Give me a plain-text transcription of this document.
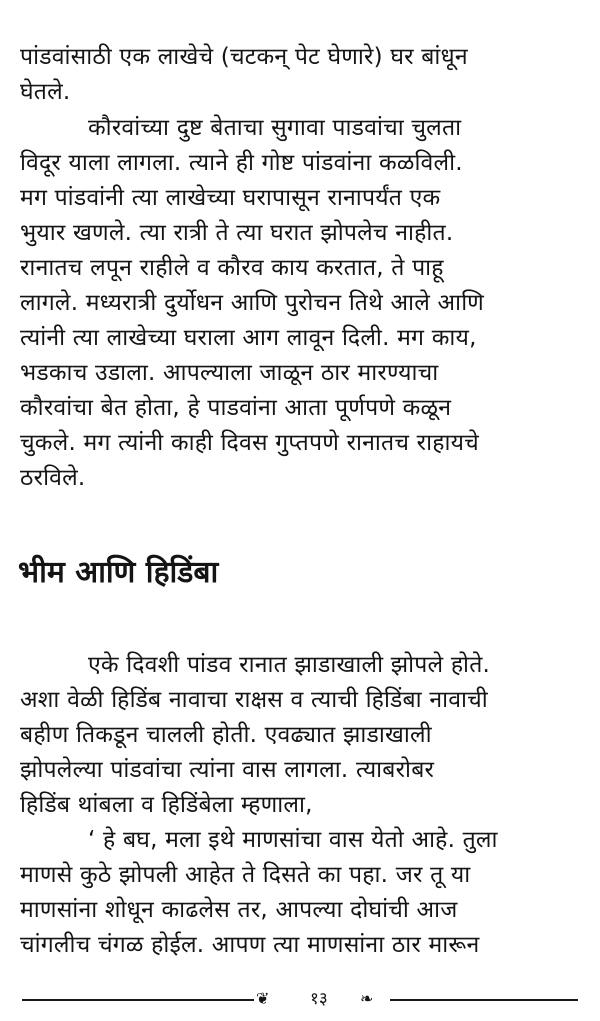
पांडवांसाठी एक लाखेचे (चटकन् पेट घेणारे) घर बांधून
घेतले.
कौरवांच्या दुष्ट बेताचा सुगावा पाडवांचा चुलता
विदूर याला लागला. त्याने ही गोष्ट पांडवांना कळविली.
मग पांडवांनी त्या लाखेच्या घरापासून रानापर्यंत एक
भुयार खणले. त्या रात्री ते त्या घरात झोपलेच नाहीत.
रानातच लपून राहीले व कौरव काय करतात, ते पाहू
लागले. मध्यरात्री दुर्योधन आणि पुरोचन तिथे आले आणि
त्यांनी त्या लाखेच्या घराला आग लावून दिली. मग काय,
भडकाच उडाला. आपल्याला जाळून ठार मारण्याचा
कौरवांचा बेत होता, हे पाडवांना आता पूर्णपणे कळून
चुकले. मग त्यांनी काही दिवस गुप्तपणे रानातच राहायचे
ठरविले.
भीम आणि हिडिंबा
एके दिवशी पांडव रानात झाडाखाली झोपले होते.
अशा वेळी हिडिंब नावाचा राक्षस व त्याची हिडिंबा नावाची
बहीण तिकडून चालली होती. एवढ्यात झाडाखाली
झोपलेल्या पांडवांचा त्यांना वास लागला. त्याबरोबर
हिडिंब थांबला व हिडिंबेला म्हणाला,
‘ हे बघ, मला इथे माणसांचा वास येतो आहे. तुला
माणसे कुठे झोपली आहेत ते दिसते का पहा. जर तू या
माणसांना शोधून काढलेस तर, आपल्या दोघांची आज
चांगलीच चंगळ होईल. आपण त्या माणसांना ठार मारून
❦ १३ ❧
